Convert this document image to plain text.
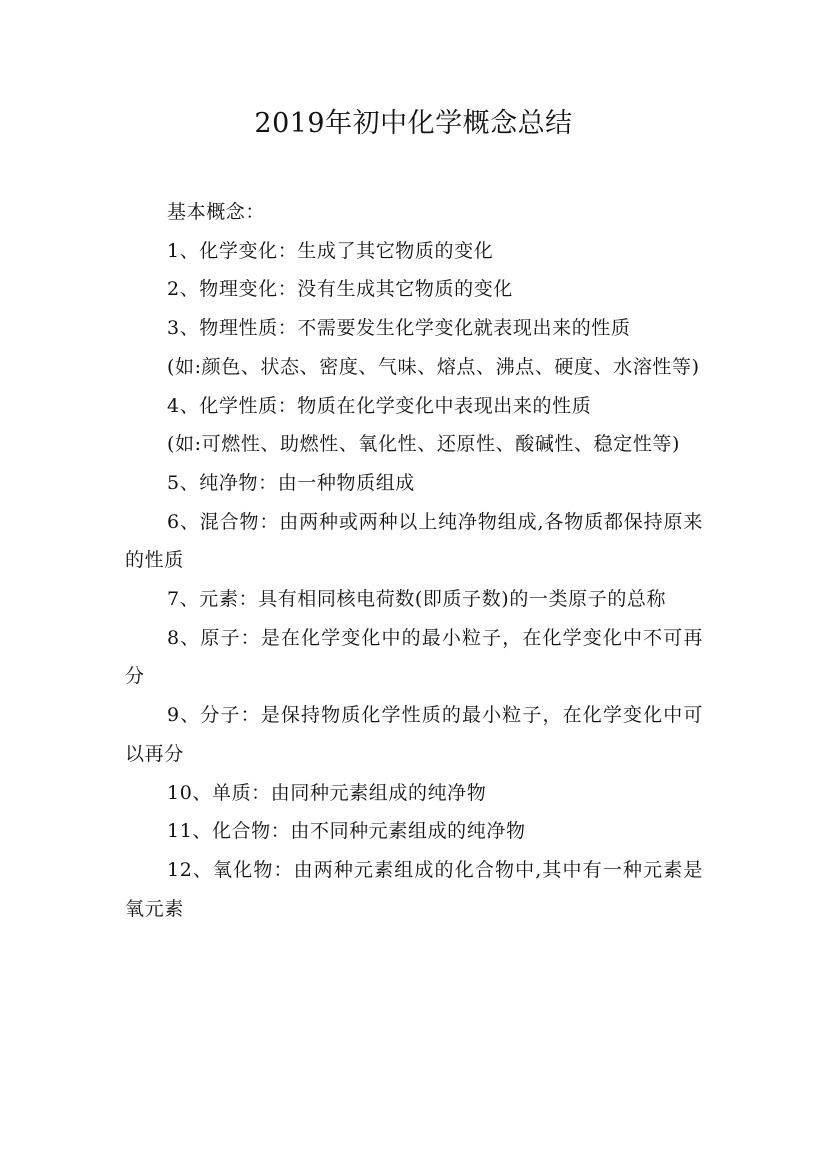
2019年初中化学概念总结

基本概念：

1、化学变化：生成了其它物质的变化

2、物理变化：没有生成其它物质的变化

3、物理性质：不需要发生化学变化就表现出来的性质

(如:颜色、状态、密度、气味、熔点、沸点、硬度、水溶性等)

4、化学性质：物质在化学变化中表现出来的性质

(如:可燃性、助燃性、氧化性、还原性、酸碱性、稳定性等)

5、纯净物：由一种物质组成

6、混合物：由两种或两种以上纯净物组成,各物质都保持原来的性质

7、元素：具有相同核电荷数(即质子数)的一类原子的总称

8、原子：是在化学变化中的最小粒子，在化学变化中不可再分

9、分子：是保持物质化学性质的最小粒子，在化学变化中可以再分

10、单质：由同种元素组成的纯净物

11、化合物：由不同种元素组成的纯净物

12、氧化物：由两种元素组成的化合物中,其中有一种元素是氧元素
